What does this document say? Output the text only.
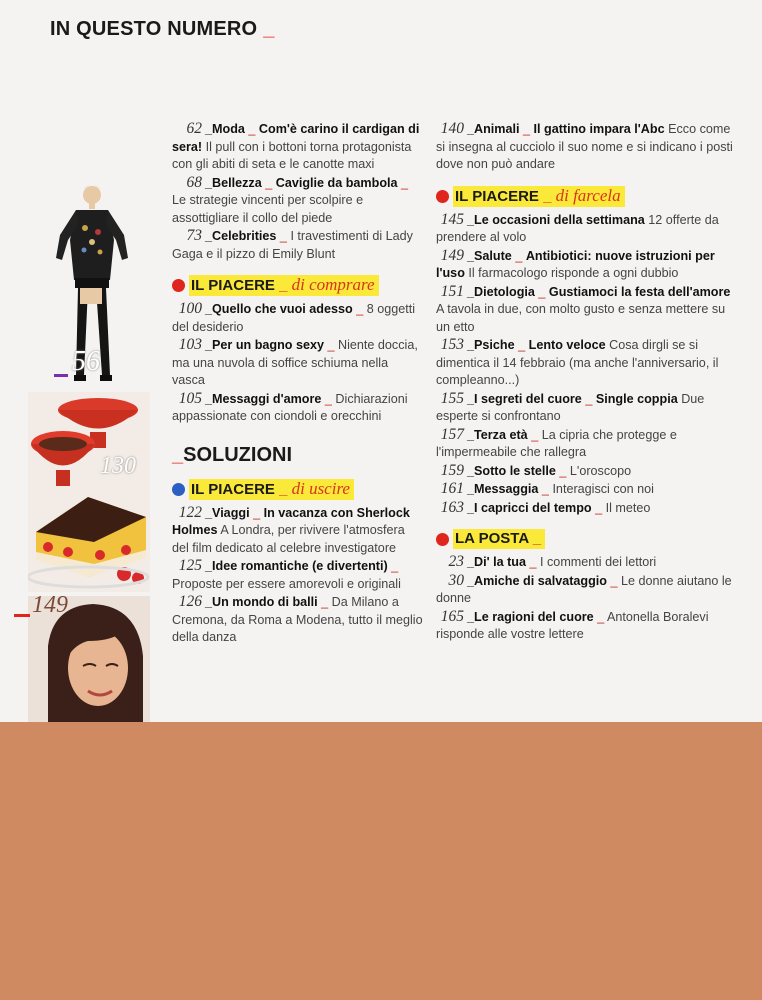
IN QUESTO NUMERO _
56
130
149
62 _Moda _ Com'è carino il cardigan di sera! Il pull con i bottoni torna protagonista con gli abiti di seta e le canotte maxi
68 _Bellezza _ Caviglie da bambola _ Le strategie vincenti per scolpire e assottigliare il collo del piede
73 _Celebrities _ I travestimenti di Lady Gaga e il pizzo di Emily Blunt
IL PIACERE _ di comprare
100 _Quello che vuoi adesso _ 8 oggetti del desiderio
103 _Per un bagno sexy _ Niente doccia, ma una nuvola di soffice schiuma nella vasca
105 _Messaggi d'amore _ Dichiarazioni appassionate con ciondoli e orecchini
_SOLUZIONI
IL PIACERE _ di uscire
122 _Viaggi _ In vacanza con Sherlock Holmes A Londra, per rivivere l'atmosfera del film dedicato al celebre investigatore
125 _Idee romantiche (e divertenti) _ Proposte per essere amorevoli e originali
126 _Un mondo di balli _ Da Milano a Cremona, da Roma a Modena, tutto il meglio della danza
140 _Animali _ Il gattino impara l'Abc Ecco come si insegna al cucciolo il suo nome e si indicano i posti dove non può andare
IL PIACERE _ di farcela
145 _Le occasioni della settimana 12 offerte da prendere al volo
149 _Salute _ Antibiotici: nuove istruzioni per l'uso Il farmacologo risponde a ogni dubbio
151 _Dietologia _ Gustiamoci la festa dell'amore A tavola in due, con molto gusto e senza mettere su un etto
153 _Psiche _ Lento veloce Cosa dirgli se si dimentica il 14 febbraio (ma anche l'anniversario, il compleanno...)
155 _I segreti del cuore _ Single coppia Due esperte si confrontano
157 _Terza età _ La cipria che protegge e l'impermeabile che rallegra
159 _Sotto le stelle _ L'oroscopo
161 _Messaggia _ Interagisci con noi
163 _I capricci del tempo _ Il meteo
LA POSTA _
23 _Di' la tua _ I commenti dei lettori
30 _Amiche di salvataggio _ Le donne aiutano le donne
165 _Le ragioni del cuore _ Antonella Boralevi risponde alle vostre lettere
